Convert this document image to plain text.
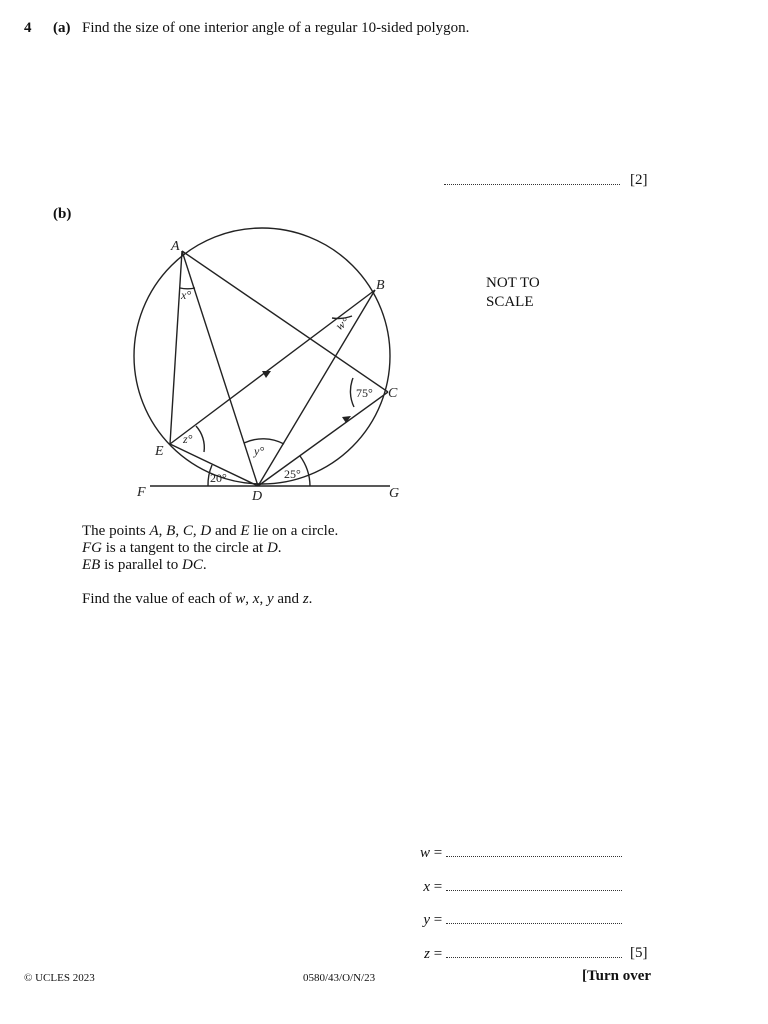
4 (a) Find the size of one interior angle of a regular 10-sided polygon.
[2]
(b)
A
B
C
D
E
F	G
x°
w°
75°
z°
y°
20°	25°
NOT TO SCALE
The points A, B, C, D and E lie on a circle.
FG is a tangent to the circle at D.
EB is parallel to DC.
Find the value of each of w, x, y and z.
w =
x =
y =
z =	[5]
© UCLES 2023	0580/43/O/N/23	[Turn over
